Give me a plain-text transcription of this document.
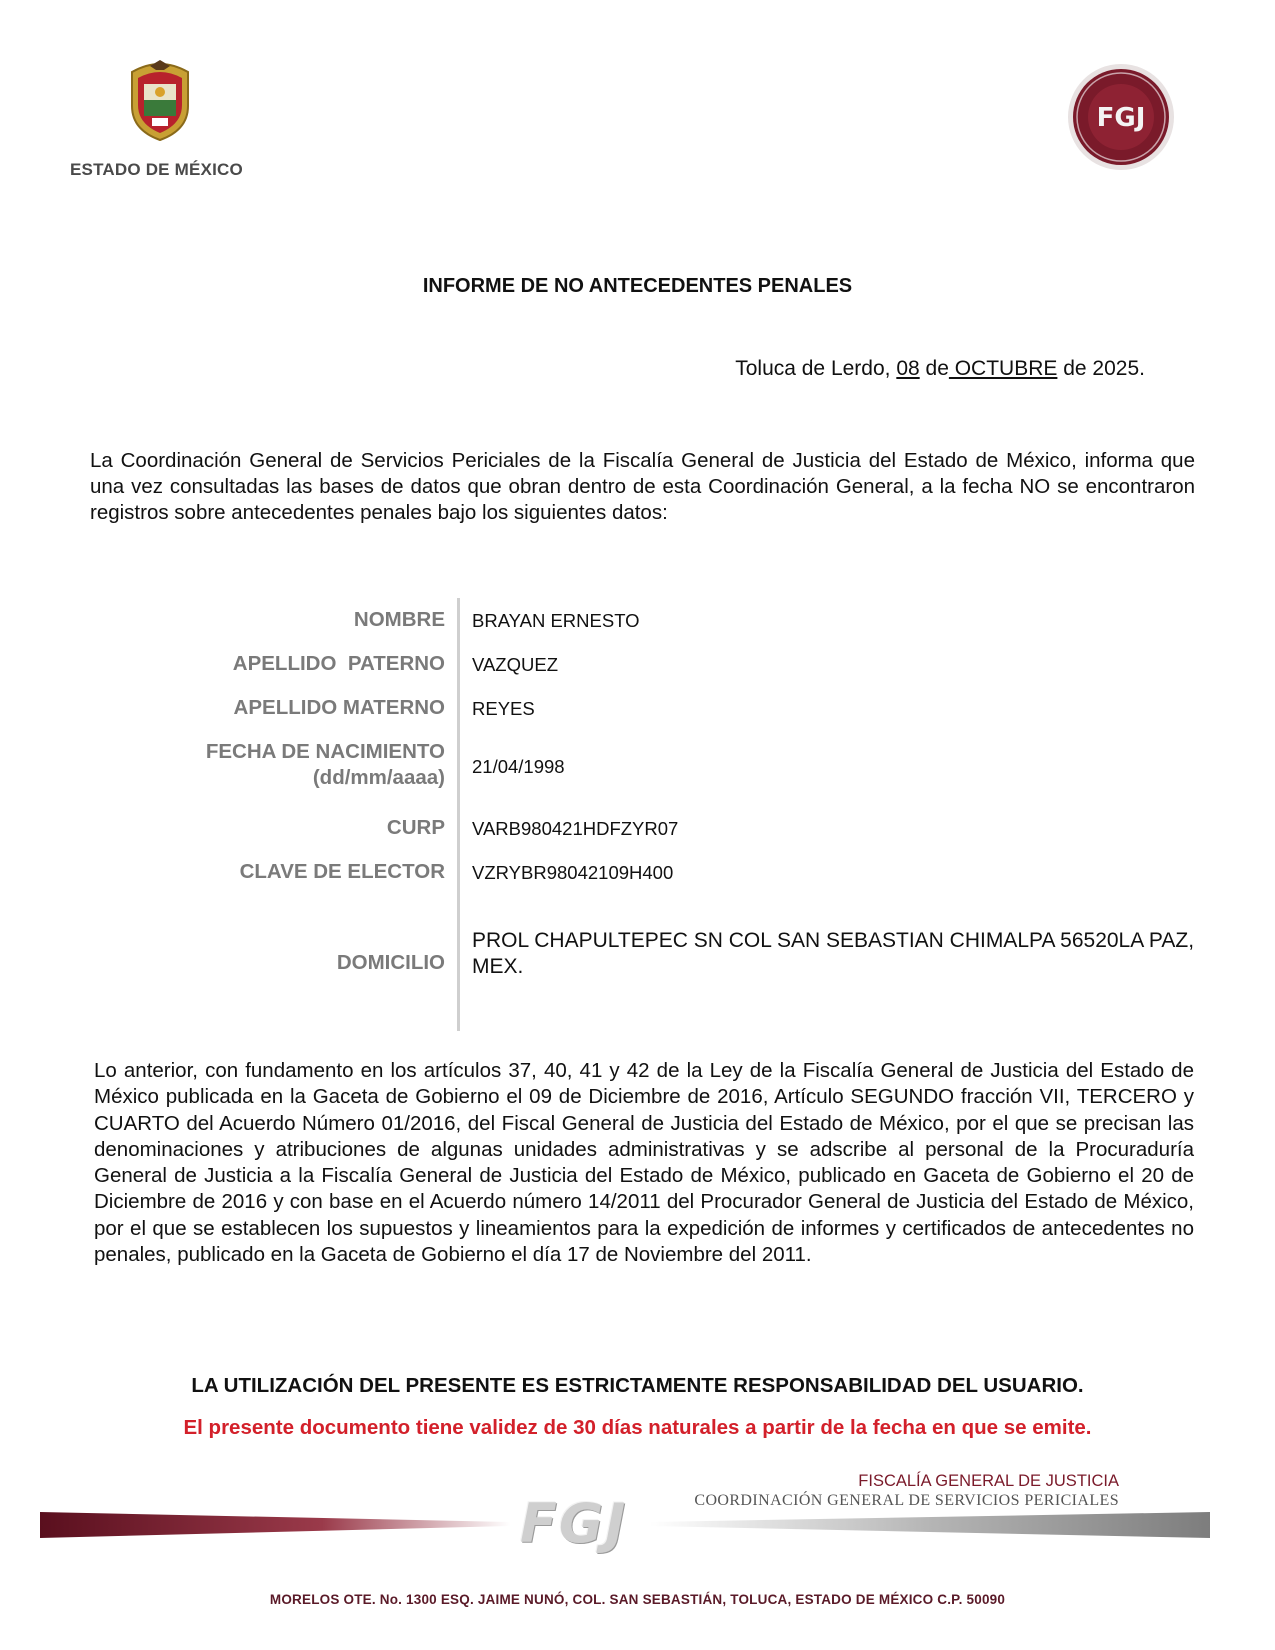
ESTADO DE MÉXICO
FGJ
INFORME DE NO ANTECEDENTES PENALES
Toluca de Lerdo, 08 de OCTUBRE de 2025.
La Coordinación General de Servicios Periciales de la Fiscalía General de Justicia del Estado de México, informa que una vez consultadas las bases de datos que obran dentro de esta Coordinación General, a la fecha NO se encontraron registros sobre antecedentes penales bajo los siguientes datos:
NOMBRE BRAYAN ERNESTO
APELLIDO  PATERNO VAZQUEZ
APELLIDO MATERNO REYES
FECHA DE NACIMIENTO
(dd/mm/aaaa) 21/04/1998
CURP VARB980421HDFZYR07
CLAVE DE ELECTOR VZRYBR98042109H400
DOMICILIO
PROL CHAPULTEPEC SN COL SAN SEBASTIAN CHIMALPA 56520LA PAZ, MEX.
Lo anterior, con fundamento en los artículos 37, 40, 41 y 42 de la Ley de la Fiscalía General de Justicia del Estado de México publicada en la Gaceta de Gobierno el 09 de Diciembre de 2016, Artículo SEGUNDO fracción VII, TERCERO y CUARTO del Acuerdo Número 01/2016, del Fiscal General de Justicia del Estado de México, por el que se precisan las denominaciones y atribuciones de algunas unidades administrativas y se adscribe al personal de la Procuraduría General de Justicia a la Fiscalía General de Justicia del Estado de México, publicado en Gaceta de Gobierno el 20 de Diciembre de 2016 y con base en el Acuerdo número 14/2011 del Procurador General de Justicia del Estado de México, por el que se establecen los supuestos y lineamientos para la expedición de informes y certificados de antecedentes no penales, publicado en la Gaceta de Gobierno el día 17 de Noviembre del 2011.
LA UTILIZACIÓN DEL PRESENTE ES ESTRICTAMENTE RESPONSABILIDAD DEL USUARIO.
El presente documento tiene validez de 30 días naturales a partir de la fecha en que se emite.
FISCALÍA GENERAL DE JUSTICIA
COORDINACIÓN GENERAL DE SERVICIOS PERICIALES
FGJ
MORELOS OTE. No. 1300 ESQ. JAIME NUNÓ, COL. SAN SEBASTIÁN, TOLUCA, ESTADO DE MÉXICO C.P. 50090
